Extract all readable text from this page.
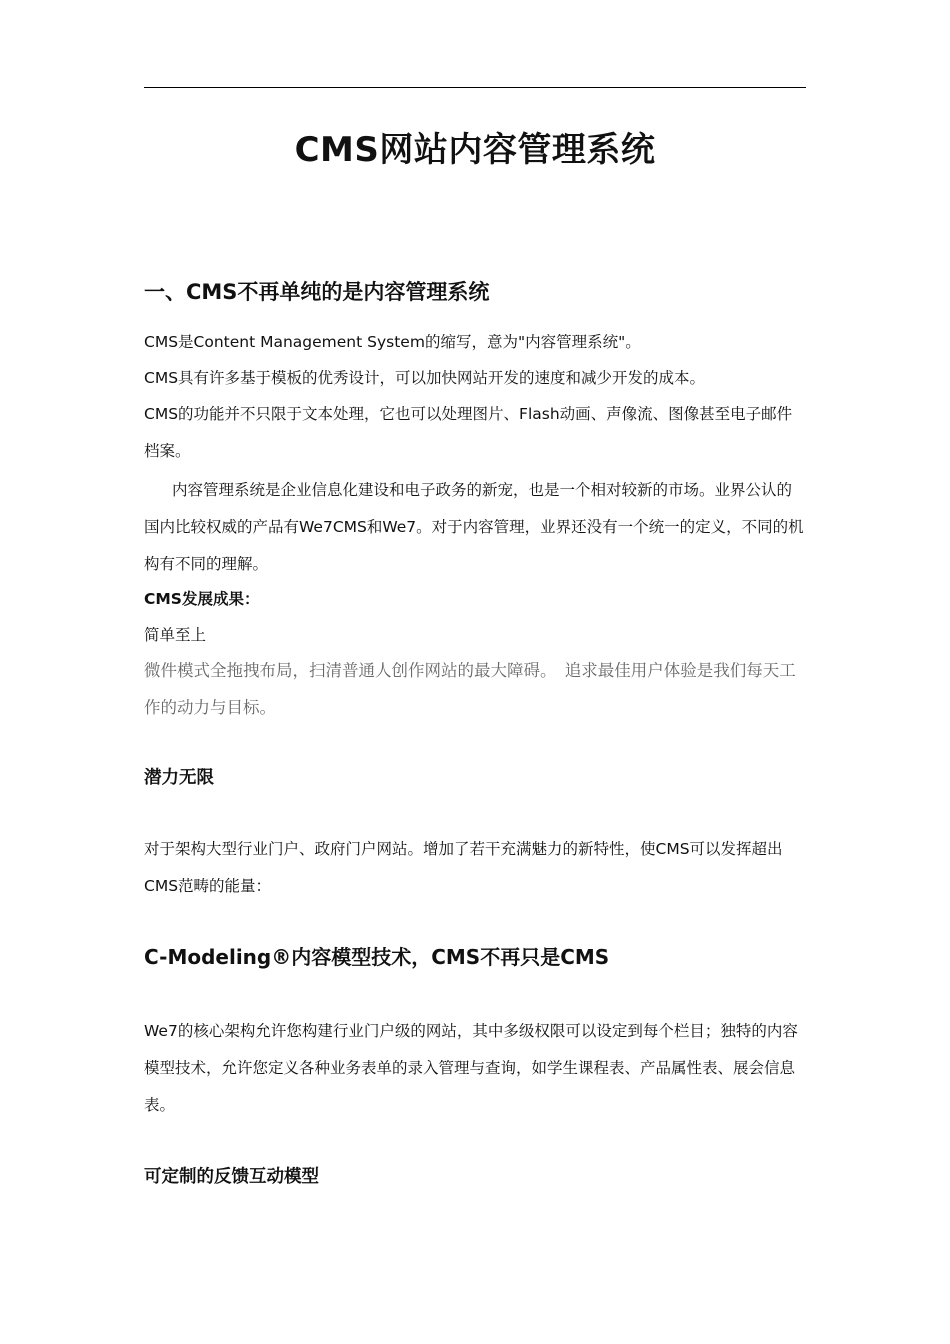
CMS网站内容管理系统
一、CMS不再单纯的是内容管理系统

CMS是Content Management System的缩写，意为"内容管理系统"。

CMS具有许多基于模板的优秀设计，可以加快网站开发的速度和减少开发的成本。

CMS的功能并不只限于文本处理，它也可以处理图片、Flash动画、声像流、图像甚至电子邮件档案。

内容管理系统是企业信息化建设和电子政务的新宠，也是一个相对较新的市场。业界公认的国内比较权威的产品有We7CMS和We7。对于内容管理，业界还没有一个统一的定义，不同的机构有不同的理解。

CMS发展成果：
简单至上

微件模式全拖拽布局，扫清普通人创作网站的最大障碍。　追求最佳用户体验是我们每天工作的动力与目标。

潜力无限

对于架构大型行业门户、政府门户网站。增加了若干充满魅力的新特性，使CMS可以发挥超出CMS范畴的能量：

C-Modeling®内容模型技术，CMS不再只是CMS

We7的核心架构允许您构建行业门户级的网站，其中多级权限可以设定到每个栏目；独特的内容模型技术，允许您定义各种业务表单的录入管理与查询，如学生课程表、产品属性表、展会信息表。

可定制的反馈互动模型
